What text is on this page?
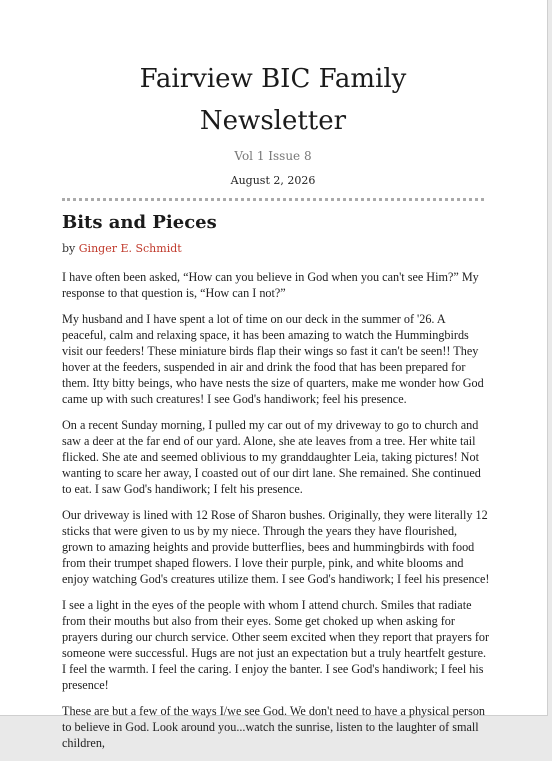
Fairview BIC Family
Newsletter
Vol 1 Issue 8
August 2, 2026
Bits and Pieces
by Ginger E. Schmidt

I have often been asked, “How can you believe in God when you can't see Him?” My response to that question is, “How can I not?”

My husband and I have spent a lot of time on our deck in the summer of '26. A peaceful, calm and relaxing space, it has been amazing to watch the Hummingbirds visit our feeders! These miniature birds flap their wings so fast it can't be seen!! They hover at the feeders, suspended in air and drink the food that has been prepared for them. Itty bitty beings, who have nests the size of quarters, make me wonder how God came up with such creatures! I see God's handiwork; feel his presence.

On a recent Sunday morning, I pulled my car out of my driveway to go to church and saw a deer at the far end of our yard. Alone, she ate leaves from a tree. Her white tail flicked. She ate and seemed oblivious to my granddaughter Leia, taking pictures! Not wanting to scare her away, I coasted out of our dirt lane. She remained. She continued to eat. I saw God's handiwork; I felt his presence.

Our driveway is lined with 12 Rose of Sharon bushes. Originally, they were literally 12 sticks that were given to us by my niece. Through the years they have flourished, grown to amazing heights and provide butterflies, bees and hummingbirds with food from their trumpet shaped flowers. I love their purple, pink, and white blooms and enjoy watching God's creatures utilize them. I see God's handiwork; I feel his presence!

I see a light in the eyes of the people with whom I attend church. Smiles that radiate from their mouths but also from their eyes. Some get choked up when asking for prayers during our church service. Other seem excited when they report that prayers for someone were successful. Hugs are not just an expectation but a truly heartfelt gesture. I feel the warmth. I feel the caring. I enjoy the banter. I see God's handiwork; I feel his presence!

These are but a few of the ways I/we see God. We don't need to have a physical person to believe in God. Look around you...watch the sunrise, listen to the laughter of small children,
